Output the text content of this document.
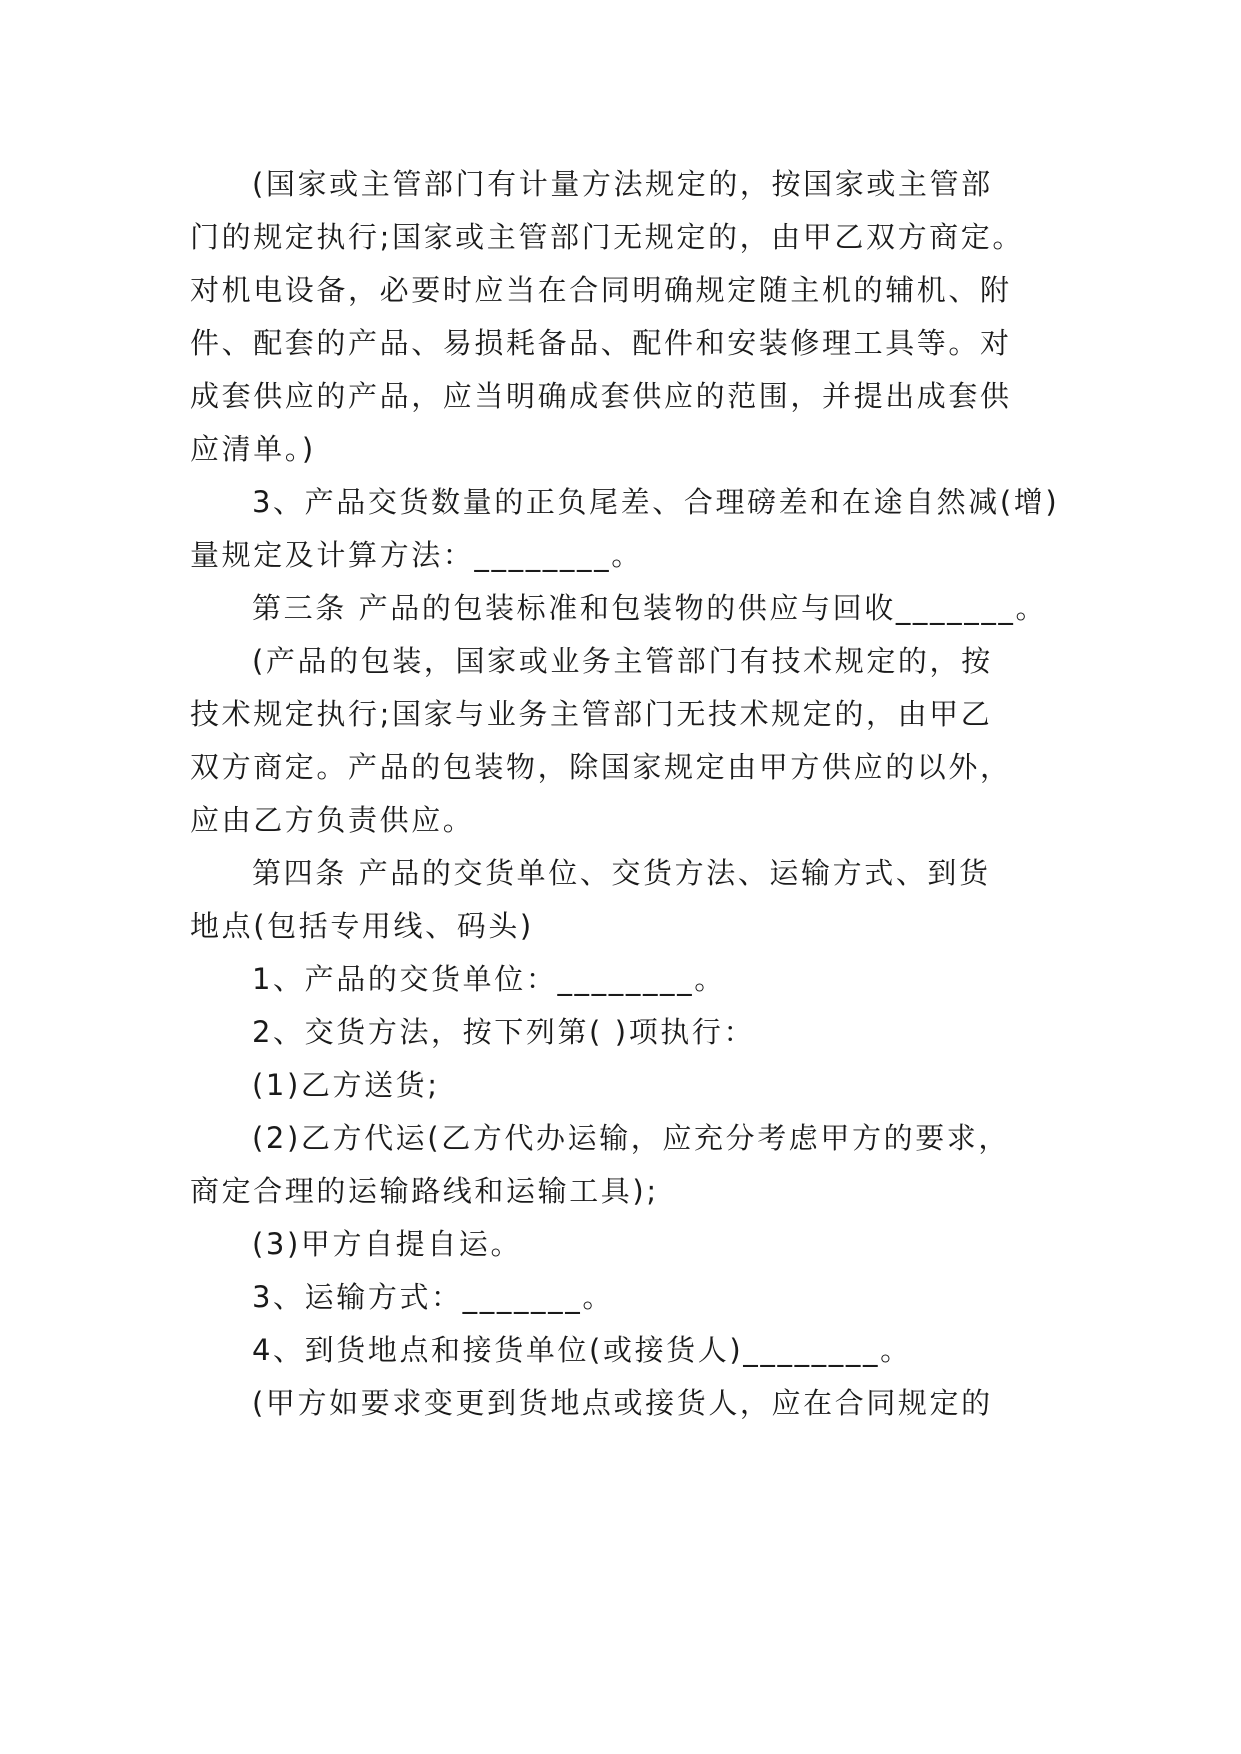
(国家或主管部门有计量方法规定的，按国家或主管部
门的规定执行;国家或主管部门无规定的，由甲乙双方商定。
对机电设备，必要时应当在合同明确规定随主机的辅机、附
件、配套的产品、易损耗备品、配件和安装修理工具等。对
成套供应的产品，应当明确成套供应的范围，并提出成套供
应清单。)
3、产品交货数量的正负尾差、合理磅差和在途自然减(增)
量规定及计算方法：________。
第三条 产品的包装标准和包装物的供应与回收_______。
(产品的包装，国家或业务主管部门有技术规定的，按
技术规定执行;国家与业务主管部门无技术规定的，由甲乙
双方商定。产品的包装物，除国家规定由甲方供应的以外，
应由乙方负责供应。
第四条 产品的交货单位、交货方法、运输方式、到货
地点(包括专用线、码头)
1、产品的交货单位：________。
2、交货方法，按下列第( )项执行：
(1)乙方送货;
(2)乙方代运(乙方代办运输，应充分考虑甲方的要求，
商定合理的运输路线和运输工具);
(3)甲方自提自运。
3、运输方式：_______。
4、到货地点和接货单位(或接货人)________。
(甲方如要求变更到货地点或接货人，应在合同规定的
